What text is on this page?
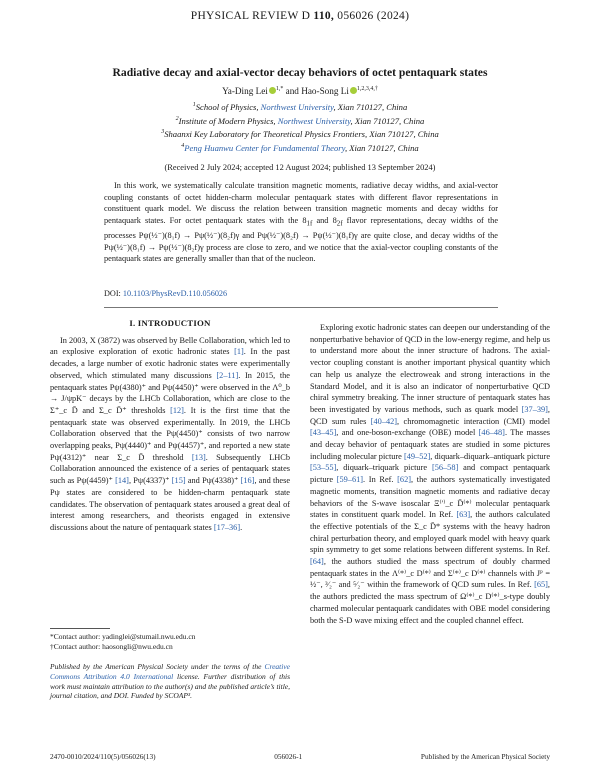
PHYSICAL REVIEW D 110, 056026 (2024)
Radiative decay and axial-vector decay behaviors of octet pentaquark states
Ya-Ding Lei $^{1,*}$ and Hao-Song Li $^{1,2,3,4,\dagger}$
$^1$School of Physics, Northwest University, Xian 710127, China
$^2$Institute of Modern Physics, Northwest University, Xian 710127, China
$^3$Shaanxi Key Laboratory for Theoretical Physics Frontiers, Xian 710127, China
$^4$Peng Huanwu Center for Fundamental Theory, Xian 710127, China
(Received 2 July 2024; accepted 12 August 2024; published 13 September 2024)

In this work, we systematically calculate transition magnetic moments, radiative decay widths, and axial-vector coupling constants of octet hidden-charm molecular pentaquark states with different flavor representations in constituent quark model. We discuss the relation between transition magnetic moments and decay widths for pentaquark states. For octet pentaquark states with the $8_{1f}$ and $8_{2f}$ flavor representations, decay widths of the processes Pψ(½⁻)(8₁f) → Pψ(½⁻)(8₂f)γ and Pψ(½⁻)(8₂f) → Pψ(½⁻)(8₁f)γ are quite close, and decay widths of the Pψ(½⁻)(8₁f) → Pψ(½⁻)(8₂f)γ process are close to zero, and we notice that the axial-vector coupling constants of the pentaquark states are generally smaller than that of the nucleon.

DOI: 10.1103/PhysRevD.110.056026
I. INTRODUCTION

In 2003, X (3872) was observed by Belle Collaboration, which led to an explosive exploration of exotic hadronic states [1]. In the past decades, a large number of exotic hadronic states were experimentally observed, which stimulated many discussions [2–11]. In 2015, the pentaquark states Pψ(4380)⁺ and Pψ(4450)⁺ were observed in the Λ⁰_b → J/ψpK⁻ decays by the LHCb Collaboration, which are close to the Σ⁺_c D̄ and Σ_c D̄⁺ thresholds [12]. It is the first time that the pentaquark state was observed experimentally. In 2019, the LHCb Collaboration observed that the Pψ(4450)⁺ consists of two narrow overlapping peaks, Pψ(4440)⁺ and Pψ(4457)⁺, and reported a new state Pψ(4312)⁺ near Σ_c D̄ threshold [13]. Subsequently LHCb Collaboration announced the existence of a series of pentaquark states such as Pψ(4459)⁺ [14], Pψ(4337)⁺ [15] and Pψ(4338)⁺ [16], and these Pψ states are considered to be hidden-charm pentaquark state candidates. The observation of pentaquark states aroused a great deal of interest among researchers, and theorists engaged in extensive discussions about the nature of pentaquark states [17–36].

Exploring exotic hadronic states can deepen our understanding of the nonperturbative behavior of QCD in the low-energy regime, and help us to understand more about the inner structure of hadrons. The axial-vector coupling constant is another important physical quantity which can help us analyze the electroweak and strong interactions in the Standard Model, and it is also an indicator of nonperturbative QCD chiral symmetry breaking. The inner structure of pentaquark states has been investigated by various methods, such as quark model [37–39], QCD sum rules [40–42], chromomagnetic interaction (CMI) model [43–45], and one-boson-exchange (OBE) model [46–48]. The masses and decay behavior of pentaquark states are studied in some pictures including molecular picture [49–52], diquark–diquark–antiquark picture [53–55], diquark–triquark picture [56–58] and compact pentaquark picture [59–61]. In Ref. [62], the authors systematically investigated magnetic moments, transition magnetic moments and radiative decay behaviors of the S-wave isoscalar Ξ⁽′⁾_c D̄⁽*⁾ molecular pentaquark states in constituent quark model. In Ref. [63], the authors calculated the effective potentials of the Σ_c D̄* systems with the heavy hadron chiral perturbation theory, and employed quark model with heavy quark spin symmetry to get some relations between different systems. In Ref. [64], the authors studied the mass spectrum of doubly charmed pentaquark states in the Λ⁽*⁾_c D⁽*⁾ and Σ⁽*⁾_c D⁽*⁾ channels with Jᴾ = ½⁻, ³⁄₂⁻ and ⁵⁄₂⁻ within the framework of QCD sum rules. In Ref. [65], the authors predicted the mass spectrum of Ω⁽*⁾_c D⁽*⁾_s-type doubly charmed molecular pentaquark candidates with OBE model considering both the S-D wave mixing effect and the coupled channel effect.

*Contact author: yadinglei@stumail.nwu.edu.cn
†Contact author: haosongli@nwu.edu.cn
Published by the American Physical Society under the terms of the Creative Commons Attribution 4.0 International license. Further distribution of this work must maintain attribution to the author(s) and the published article’s title, journal citation, and DOI. Funded by SCOAP³.
2470-0010/2024/110(5)/056026(13)	056026-1	Published by the American Physical Society
